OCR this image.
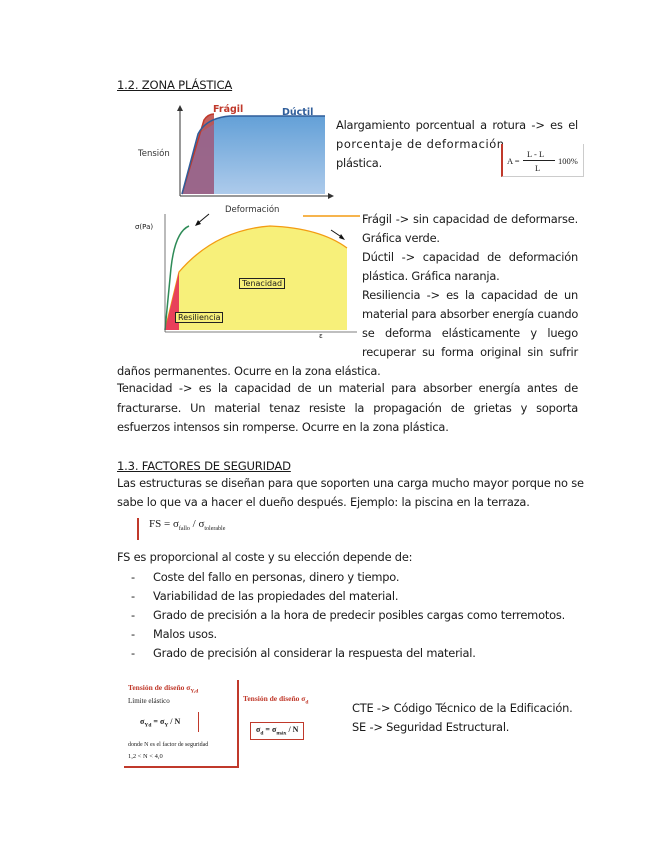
1.2. ZONA PLÁSTICA
Frágil	Dúctil
Tensión
Deformación
Alargamiento porcentual a rotura -> es el
porcentaje de deformación
plástica.	A =
L - L
L
100%
σ(Pa)
ε
Tenacidad
Resiliencia
Frágil -> sin capacidad de deformarse.
Gráfica verde.
Dúctil -> capacidad de deformación
plástica. Gráfica naranja.
Resiliencia -> es la capacidad de un
material para absorber energía cuando
se deforma elásticamente y luego
recuperar su forma original sin sufrir
daños permanentes. Ocurre en la zona elástica.
Tenacidad -> es la capacidad de un material para absorber energía antes de
fracturarse. Un material tenaz resiste la propagación de grietas y soporta
esfuerzos intensos sin romperse. Ocurre en la zona plástica.
1.3. FACTORES DE SEGURIDAD
Las estructuras se diseñan para que soporten una carga mucho mayor porque no se
sabe lo que va a hacer el dueño después. Ejemplo: la piscina en la terraza.
FS = $\sigma_{fallo} / \sigma_{tolerable}$
FS es proporcional al coste y su elección depende de:
- Coste del fallo en personas, dinero y tiempo.
- Variabilidad de las propiedades del material.
- Grado de precisión a la hora de predecir posibles cargas como terremotos.
- Malos usos.
- Grado de precisión al considerar la respuesta del material.
Tensión de diseño $\sigma_{Y,d}$
Límite elástico
$\sigma_{Yd} = \sigma_Y / N$
donde N es el factor de seguridad
1,2 < N < 4,0
Tensión de diseño $\sigma_d$
$\sigma_d = \sigma_{máx} / N$
CTE -> Código Técnico de la Edificación.
SE -> Seguridad Estructural.
